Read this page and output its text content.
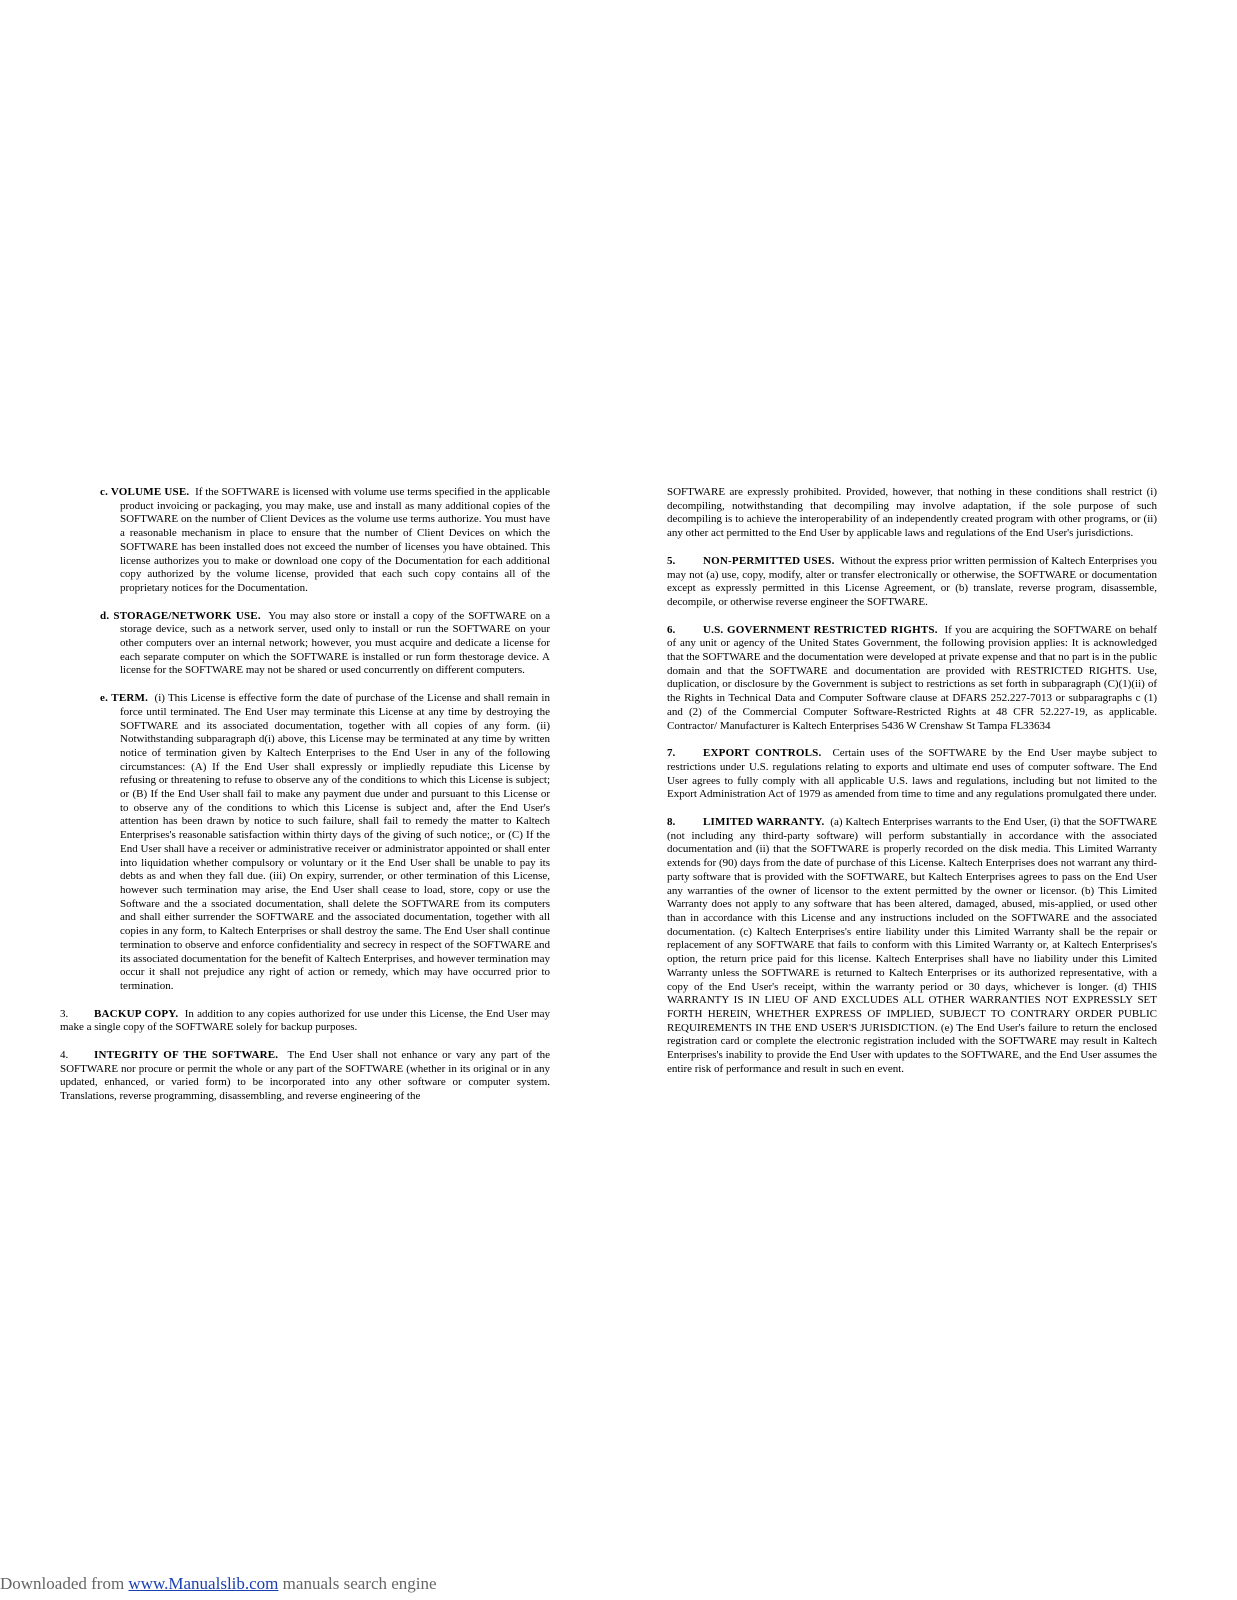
c. VOLUME USE. If the SOFTWARE is licensed with volume use terms specified in the applicable product invoicing or packaging, you may make, use and install as many additional copies of the SOFTWARE on the number of Client Devices as the volume use terms authorize. You must have a reasonable mechanism in place to ensure that the number of Client Devices on which the SOFTWARE has been installed does not exceed the number of licenses you have obtained. This license authorizes you to make or download one copy of the Documentation for each additional copy authorized by the volume license, provided that each such copy contains all of the proprietary notices for the Documentation.

d. STORAGE/NETWORK USE. You may also store or install a copy of the SOFTWARE on a storage device, such as a network server, used only to install or run the SOFTWARE on your other computers over an internal network; however, you must acquire and dedicate a license for each separate computer on which the SOFTWARE is installed or run form thestorage device. A license for the SOFTWARE may not be shared or used concurrently on different computers.

e. TERM. (i) This License is effective form the date of purchase of the License and shall remain in force until terminated. The End User may terminate this License at any time by destroying the SOFTWARE and its associated documentation, together with all copies of any form. (ii) Notwithstanding subparagraph d(i) above, this License may be terminated at any time by written notice of termination given by Kaltech Enterprises to the End User in any of the following circumstances: (A) If the End User shall expressly or impliedly repudiate this License by refusing or threatening to refuse to observe any of the conditions to which this License is subject; or (B) If the End User shall fail to make any payment due under and pursuant to this License or to observe any of the conditions to which this License is subject and, after the End User's attention has been drawn by notice to such failure, shall fail to remedy the matter to Kaltech Enterprises's reasonable satisfaction within thirty days of the giving of such notice;, or (C) If the End User shall have a receiver or administrative receiver or administrator appointed or shall enter into liquidation whether compulsory or voluntary or it the End User shall be unable to pay its debts as and when they fall due. (iii) On expiry, surrender, or other termination of this License, however such termination may arise, the End User shall cease to load, store, copy or use the Software and the a ssociated documentation, shall delete the SOFTWARE from its computers and shall either surrender the SOFTWARE and the associated documentation, together with all copies in any form, to Kaltech Enterprises or shall destroy the same. The End User shall continue termination to observe and enforce confidentiality and secrecy in respect of the SOFTWARE and its associated documentation for the benefit of Kaltech Enterprises, and however termination may occur it shall not prejudice any right of action or remedy, which may have occurred prior to termination.

3. BACKUP COPY. In addition to any copies authorized for use under this License, the End User may make a single copy of the SOFTWARE solely for backup purposes.

4. INTEGRITY OF THE SOFTWARE. The End User shall not enhance or vary any part of the SOFTWARE nor procure or permit the whole or any part of the SOFTWARE (whether in its original or in any updated, enhanced, or varied form) to be incorporated into any other software or computer system. Translations, reverse programming, disassembling, and reverse engineering of the

SOFTWARE are expressly prohibited. Provided, however, that nothing in these conditions shall restrict (i) decompiling, notwithstanding that decompiling may involve adaptation, if the sole purpose of such decompiling is to achieve the interoperability of an independently created program with other programs, or (ii) any other act permitted to the End User by applicable laws and regulations of the End User's jurisdictions.

5.	NON-PERMITTED USES. Without the express prior written permission of Kaltech Enterprises you may not (a) use, copy, modify, alter or transfer electronically or otherwise, the SOFTWARE or documentation except as expressly permitted in this License Agreement, or (b) translate, reverse program, disassemble, decompile, or otherwise reverse engineer the SOFTWARE.

6.	U.S. GOVERNMENT RESTRICTED RIGHTS. If you are acquiring the SOFTWARE on behalf of any unit or agency of the United States Government, the following provision applies: It is acknowledged that the SOFTWARE and the documentation were developed at private expense and that no part is in the public domain and that the SOFTWARE and documentation are provided with RESTRICTED RIGHTS. Use, duplication, or disclosure by the Government is subject to restrictions as set forth in subparagraph (C)(1)(ii) of the Rights in Technical Data and Computer Software clause at DFARS 252.227-7013 or subparagraphs c (1) and (2) of the Commercial Computer Software-Restricted Rights at 48 CFR 52.227-19, as applicable. Contractor/ Manufacturer is Kaltech Enterprises 5436 W Crenshaw St Tampa FL33634

7.	EXPORT CONTROLS. Certain uses of the SOFTWARE by the End User maybe subject to restrictions under U.S. regulations relating to exports and ultimate end uses of computer software. The End User agrees to fully comply with all applicable U.S. laws and regulations, including but not limited to the Export Administration Act of 1979 as amended from time to time and any regulations promulgated there under.

8.	LIMITED WARRANTY. (a) Kaltech Enterprises warrants to the End User, (i) that the SOFTWARE (not including any third-party software) will perform substantially in accordance with the associated documentation and (ii) that the SOFTWARE is properly recorded on the disk media. This Limited Warranty extends for (90) days from the date of purchase of this License. Kaltech Enterprises does not warrant any third-party software that is provided with the SOFTWARE, but Kaltech Enterprises agrees to pass on the End User any warranties of the owner of licensor to the extent permitted by the owner or licensor. (b) This Limited Warranty does not apply to any software that has been altered, damaged, abused, mis-applied, or used other than in accordance with this License and any instructions included on the SOFTWARE and the associated documentation. (c) Kaltech Enterprises's entire liability under this Limited Warranty shall be the repair or replacement of any SOFTWARE that fails to conform with this Limited Warranty or, at Kaltech Enterprises's option, the return price paid for this license. Kaltech Enterprises shall have no liability under this Limited Warranty unless the SOFTWARE is returned to Kaltech Enterprises or its authorized representative, with a copy of the End User's receipt, within the warranty period or 30 days, whichever is longer. (d) THIS WARRANTY IS IN LIEU OF AND EXCLUDES ALL OTHER WARRANTIES NOT EXPRESSLY SET FORTH HEREIN, WHETHER EXPRESS OF IMPLIED, SUBJECT TO CONTRARY ORDER PUBLIC REQUIREMENTS IN THE END USER'S JURISDICTION. (e) The End User's failure to return the enclosed registration card or complete the electronic registration included with the SOFTWARE may result in Kaltech Enterprises's inability to provide the End User with updates to the SOFTWARE, and the End User assumes the entire risk of performance and result in such en event.

Downloaded from www.Manualslib.com manuals search engine
